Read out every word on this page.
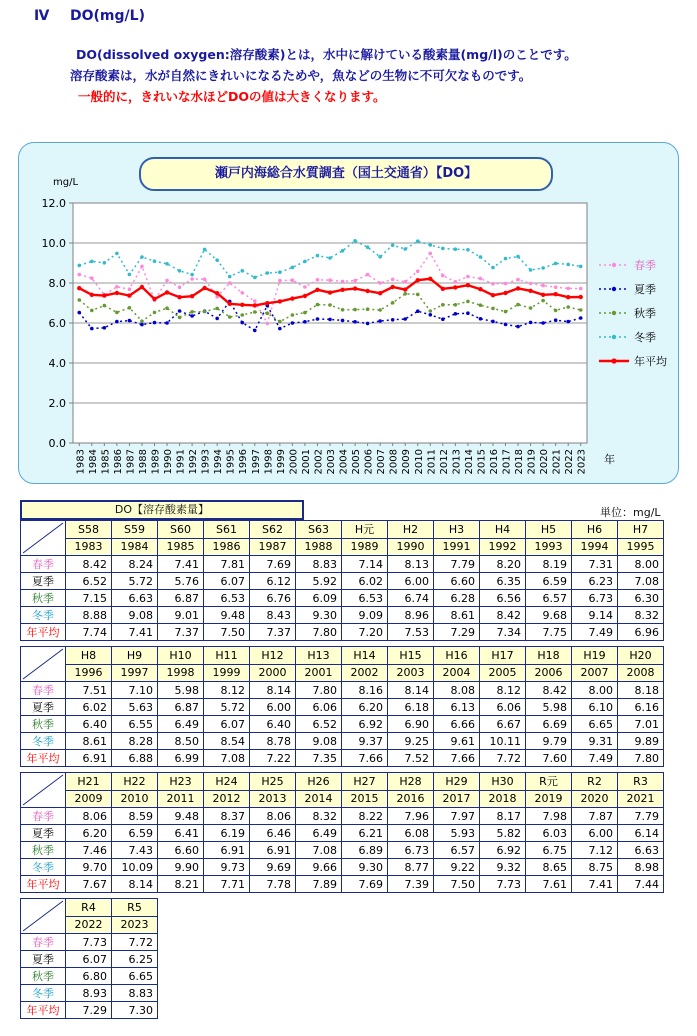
Ⅳ DO(mg/L)

DO(dissolved oxygen:溶存酸素)とは，水中に解けている酸素量(mg/l)のことです。

溶存酸素は，水が自然にきれいになるためや，魚などの生物に不可欠なものです。

一般的に，きれいな水ほどDOの値は大きくなります。

瀬戸内海総合水質調査（国土交通省）【DO】
0.0
2.0
4.0
6.0
8.0
10.0
12.0
mg/L
1983 1984 1985 1986 1987 1988 1989 1990 1991 1992 1993 1994 1995 1996 1997 1998 1999 2000 2001 2002 2003 2004 2005 2006 2007 2008 2009 2010 2011 2012 2013 2014 2015 2016 2017 2018 2019 2020 2021 2022 2023 年
春季
夏季
秋季
冬季
年平均
DO【溶存酸素量】	単位：mg/L
	S58	S59	S60	S61	S62	S63	H元	H2	H3	H4	H5	H6	H7
	1983	1984	1985	1986	1987	1988	1989	1990	1991	1992	1993	1994	1995
春季	8.42	8.24	7.41	7.81	7.69	8.83	7.14	8.13	7.79	8.20	8.19	7.31	8.00
夏季	6.52	5.72	5.76	6.07	6.12	5.92	6.02	6.00	6.60	6.35	6.59	6.23	7.08
秋季	7.15	6.63	6.87	6.53	6.76	6.09	6.53	6.74	6.28	6.56	6.57	6.73	6.30
冬季	8.88	9.08	9.01	9.48	8.43	9.30	9.09	8.96	8.61	8.42	9.68	9.14	8.32
年平均	7.74	7.41	7.37	7.50	7.37	7.80	7.20	7.53	7.29	7.34	7.75	7.49	6.96
	H8	H9	H10	H11	H12	H13	H14	H15	H16	H17	H18	H19	H20
	1996	1997	1998	1999	2000	2001	2002	2003	2004	2005	2006	2007	2008
春季	7.51	7.10	5.98	8.12	8.14	7.80	8.16	8.14	8.08	8.12	8.42	8.00	8.18
夏季	6.02	5.63	6.87	5.72	6.00	6.06	6.20	6.18	6.13	6.06	5.98	6.10	6.16
秋季	6.40	6.55	6.49	6.07	6.40	6.52	6.92	6.90	6.66	6.67	6.69	6.65	7.01
冬季	8.61	8.28	8.50	8.54	8.78	9.08	9.37	9.25	9.61	10.11	9.79	9.31	9.89
年平均	6.91	6.88	6.99	7.08	7.22	7.35	7.66	7.52	7.66	7.72	7.60	7.49	7.80
	H21	H22	H23	H24	H25	H26	H27	H28	H29	H30	R元	R2	R3
	2009	2010	2011	2012	2013	2014	2015	2016	2017	2018	2019	2020	2021
春季	8.06	8.59	9.48	8.37	8.06	8.32	8.22	7.96	7.97	8.17	7.98	7.87	7.79
夏季	6.20	6.59	6.41	6.19	6.46	6.49	6.21	6.08	5.93	5.82	6.03	6.00	6.14
秋季	7.46	7.43	6.60	6.91	6.91	7.08	6.89	6.73	6.57	6.92	6.75	7.12	6.63
冬季	9.70	10.09	9.90	9.73	9.69	9.66	9.30	8.77	9.22	9.32	8.65	8.75	8.98
年平均	7.67	8.14	8.21	7.71	7.78	7.89	7.69	7.39	7.50	7.73	7.61	7.41	7.44
	R4	R5
	2022	2023
春季	7.73	7.72
夏季	6.07	6.25
秋季	6.80	6.65
冬季	8.93	8.83
年平均	7.29	7.30
